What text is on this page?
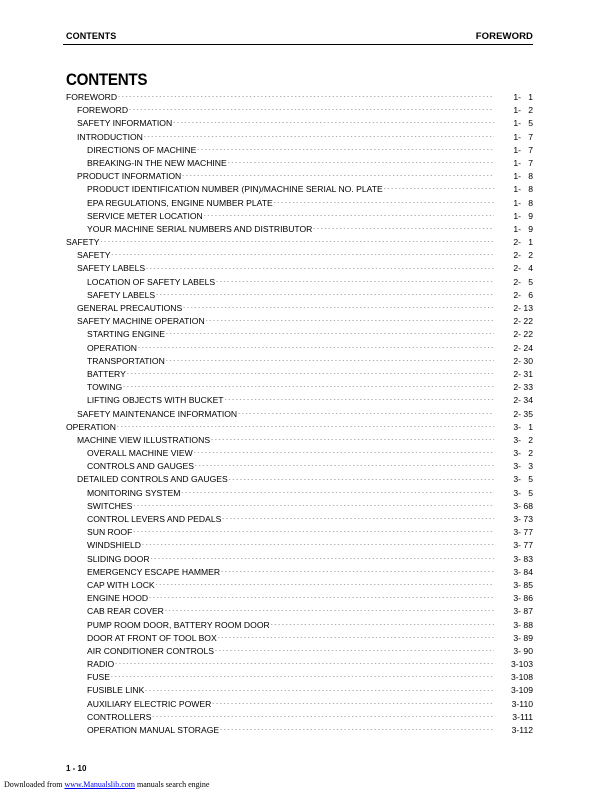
CONTENTS	FOREWORD
CONTENTS
FOREWORD - - -	1-   1
FOREWORD - - -	1-   2
SAFETY INFORMATION - - -	1-   5
INTRODUCTION - - -	1-   7
DIRECTIONS OF MACHINE - - -	1-   7
BREAKING-IN THE NEW MACHINE - - -	1-   7
PRODUCT INFORMATION - - -	1-   8
PRODUCT IDENTIFICATION NUMBER (PIN)/MACHINE SERIAL NO. PLATE - - -	1-   8
EPA REGULATIONS, ENGINE NUMBER PLATE - - -	1-   8
SERVICE METER LOCATION - - -	1-   9
YOUR MACHINE SERIAL NUMBERS AND DISTRIBUTOR - - -	1-   9
SAFETY - - -	2-   1
SAFETY - - -	2-   2
SAFETY LABELS - - -	2-   4
LOCATION OF SAFETY LABELS - - -	2-   5
SAFETY LABELS - - -	2-   6
GENERAL PRECAUTIONS - - -	2- 13
SAFETY MACHINE OPERATION - - -	2- 22
STARTING ENGINE - - -	2- 22
OPERATION - - -	2- 24
TRANSPORTATION - - -	2- 30
BATTERY - - -	2- 31
TOWING - - -	2- 33
LIFTING OBJECTS WITH BUCKET - - -	2- 34
SAFETY MAINTENANCE INFORMATION - - -	2- 35
OPERATION - - -	3-   1
MACHINE VIEW ILLUSTRATIONS - - -	3-   2
OVERALL MACHINE VIEW - - -	3-   2
CONTROLS AND GAUGES - - -	3-   3
DETAILED CONTROLS AND GAUGES - - -	3-   5
MONITORING SYSTEM - - -	3-   5
SWITCHES - - -	3- 68
CONTROL LEVERS AND PEDALS - - -	3- 73
SUN ROOF - - -	3- 77
WINDSHIELD - - -	3- 77
SLIDING DOOR - - -	3- 83
EMERGENCY ESCAPE HAMMER - - -	3- 84
CAP WITH LOCK - - -	3- 85
ENGINE HOOD - - -	3- 86
CAB REAR COVER - - -	3- 87
PUMP ROOM DOOR, BATTERY ROOM DOOR - - -	3- 88
DOOR AT FRONT OF TOOL BOX - - -	3- 89
AIR CONDITIONER CONTROLS - - -	3- 90
RADIO - - -	3-103
FUSE - - -	3-108
FUSIBLE LINK - - -	3-109
AUXILIARY ELECTRIC POWER - - -	3-110
CONTROLLERS - - -	3-111
OPERATION MANUAL STORAGE - - -	3-112
1 - 10
Downloaded from www.Manualslib.com manuals search engine
